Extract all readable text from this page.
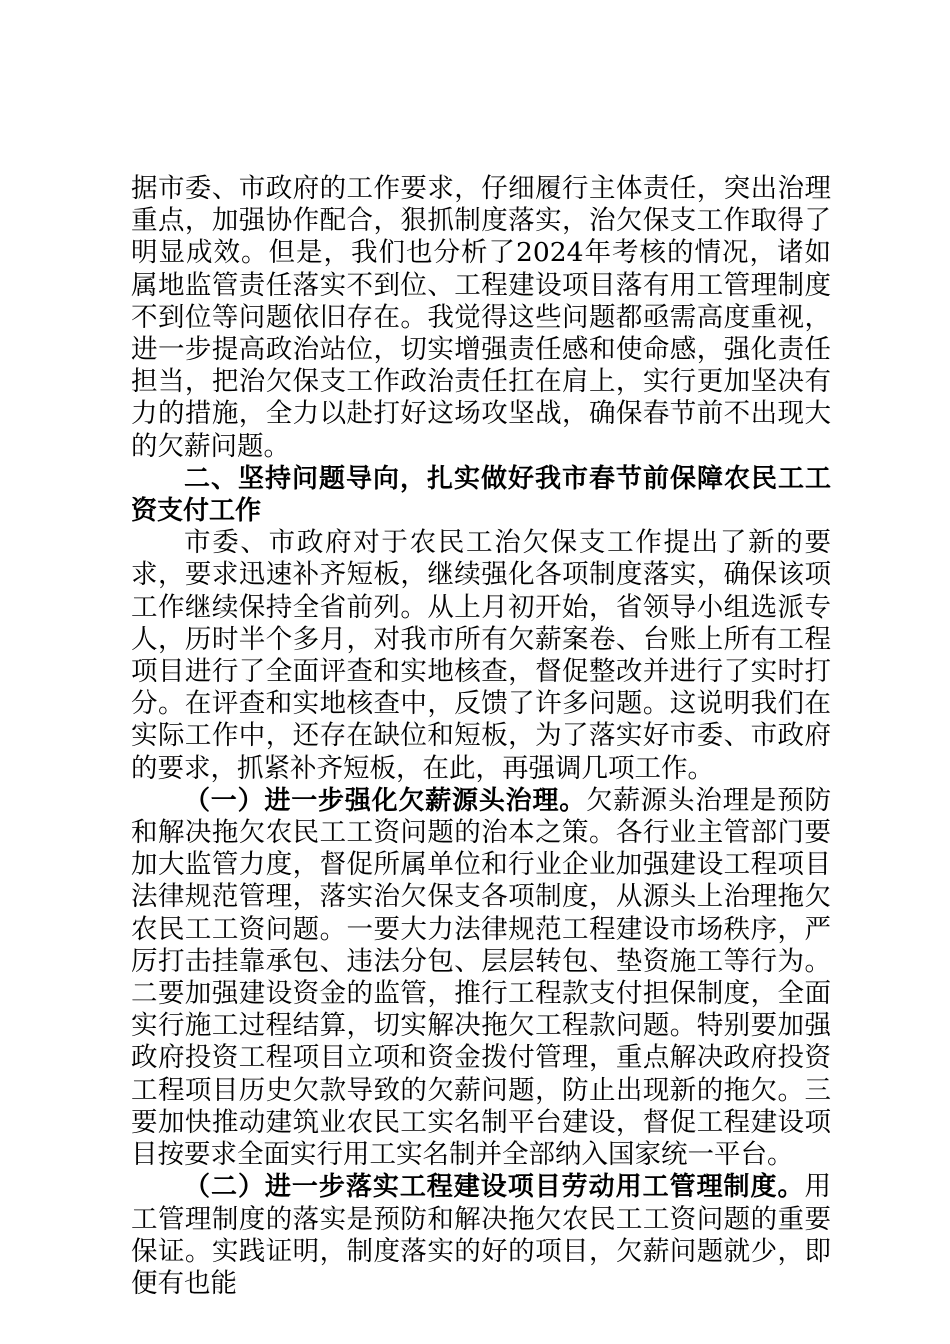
据市委、市政府的工作要求，仔细履行主体责任，突出治理重点，加强协作配合，狠抓制度落实，治欠保支工作取得了明显成效。但是，我们也分析了2024年考核的情况，诸如属地监管责任落实不到位、工程建设项目落有用工管理制度不到位等问题依旧存在。我觉得这些问题都亟需高度重视，进一步提高政治站位，切实增强责任感和使命感，强化责任担当，把治欠保支工作政治责任扛在肩上，实行更加坚决有力的措施，全力以赴打好这场攻坚战，确保春节前不出现大的欠薪问题。

二、坚持问题导向，扎实做好我市春节前保障农民工工资支付工作

市委、市政府对于农民工治欠保支工作提出了新的要求，要求迅速补齐短板，继续强化各项制度落实，确保该项工作继续保持全省前列。从上月初开始，省领导小组选派专人，历时半个多月，对我市所有欠薪案卷、台账上所有工程项目进行了全面评查和实地核查，督促整改并进行了实时打分。在评查和实地核查中，反馈了许多问题。这说明我们在实际工作中，还存在缺位和短板，为了落实好市委、市政府的要求，抓紧补齐短板，在此，再强调几项工作。

（一）进一步强化欠薪源头治理。欠薪源头治理是预防和解决拖欠农民工工资问题的治本之策。各行业主管部门要加大监管力度，督促所属单位和行业企业加强建设工程项目法律规范管理，落实治欠保支各项制度，从源头上治理拖欠农民工工资问题。一要大力法律规范工程建设市场秩序，严厉打击挂靠承包、违法分包、层层转包、垫资施工等行为。二要加强建设资金的监管，推行工程款支付担保制度，全面实行施工过程结算，切实解决拖欠工程款问题。特别要加强政府投资工程项目立项和资金拨付管理，重点解决政府投资工程项目历史欠款导致的欠薪问题，防止出现新的拖欠。三要加快推动建筑业农民工实名制平台建设，督促工程建设项目按要求全面实行用工实名制并全部纳入国家统一平台。

（二）进一步落实工程建设项目劳动用工管理制度。用工管理制度的落实是预防和解决拖欠农民工工资问题的重要保证。实践证明，制度落实的好的项目，欠薪问题就少，即便有也能
